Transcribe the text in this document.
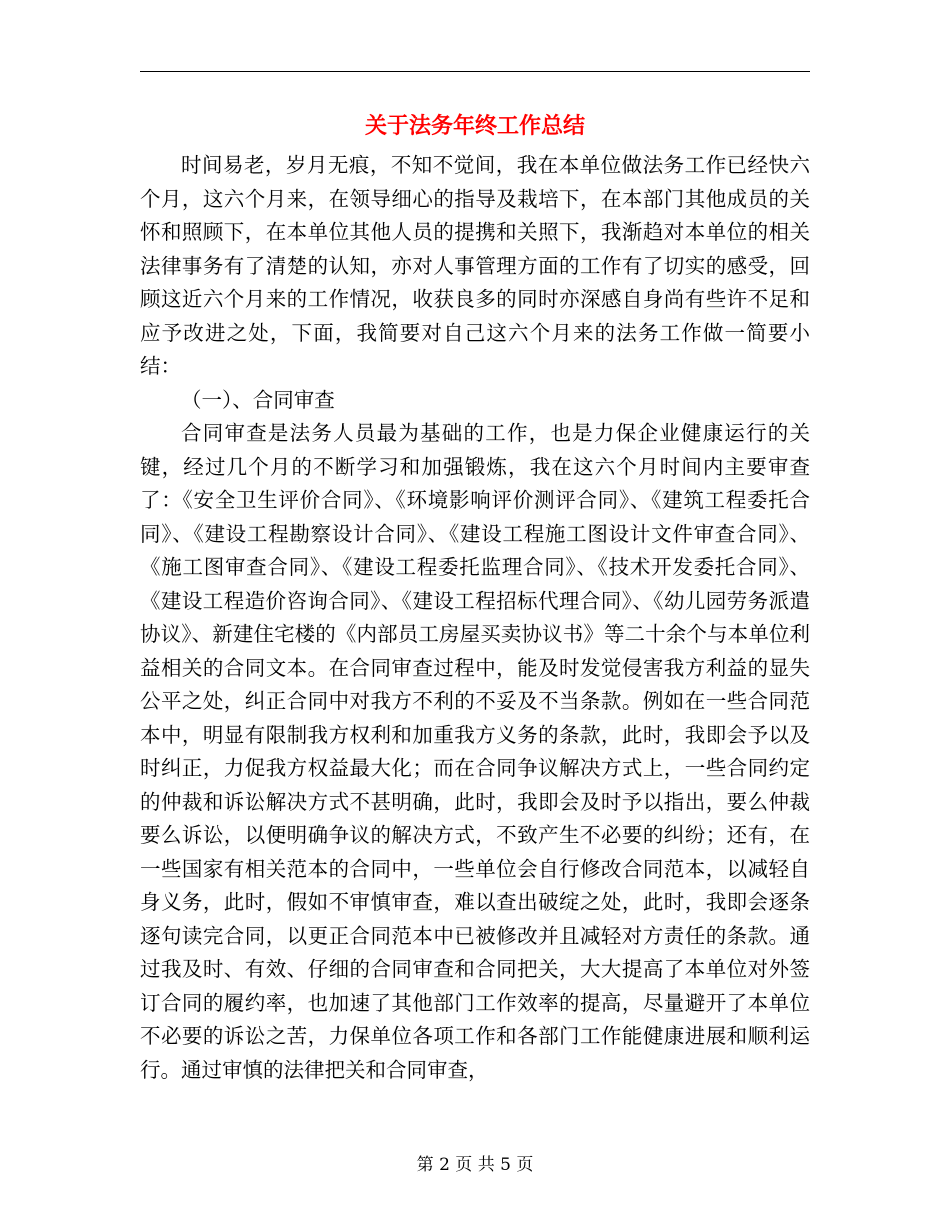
关于法务年终工作总结

时间易老，岁月无痕，不知不觉间，我在本单位做法务工作已经快六个月，这六个月来，在领导细心的指导及栽培下，在本部门其他成员的关怀和照顾下，在本单位其他人员的提携和关照下，我渐趋对本单位的相关法律事务有了清楚的认知，亦对人事管理方面的工作有了切实的感受，回顾这近六个月来的工作情况，收获良多的同时亦深感自身尚有些许不足和应予改进之处，下面，我简要对自己这六个月来的法务工作做一简要小结：

（一）、合同审查

合同审查是法务人员最为基础的工作，也是力保企业健康运行的关键，经过几个月的不断学习和加强锻炼，我在这六个月时间内主要审查了：《安全卫生评价合同》、《环境影响评价测评合同》、《建筑工程委托合同》、《建设工程勘察设计合同》、《建设工程施工图设计文件审查合同》、《施工图审查合同》、《建设工程委托监理合同》、《技术开发委托合同》、《建设工程造价咨询合同》、《建设工程招标代理合同》、《幼儿园劳务派遣协议》、新建住宅楼的《内部员工房屋买卖协议书》等二十余个与本单位利益相关的合同文本。在合同审查过程中，能及时发觉侵害我方利益的显失公平之处，纠正合同中对我方不利的不妥及不当条款。例如在一些合同范本中，明显有限制我方权利和加重我方义务的条款，此时，我即会予以及时纠正，力促我方权益最大化；而在合同争议解决方式上，一些合同约定的仲裁和诉讼解决方式不甚明确，此时，我即会及时予以指出，要么仲裁要么诉讼，以便明确争议的解决方式，不致产生不必要的纠纷；还有，在一些国家有相关范本的合同中，一些单位会自行修改合同范本，以减轻自身义务，此时，假如不审慎审查，难以查出破绽之处，此时，我即会逐条逐句读完合同，以更正合同范本中已被修改并且减轻对方责任的条款。通过我及时、有效、仔细的合同审查和合同把关，大大提高了本单位对外签订合同的履约率，也加速了其他部门工作效率的提高，尽量避开了本单位不必要的诉讼之苦，力保单位各项工作和各部门工作能健康进展和顺利运行。通过审慎的法律把关和合同审查，

第 2 页 共 5 页
